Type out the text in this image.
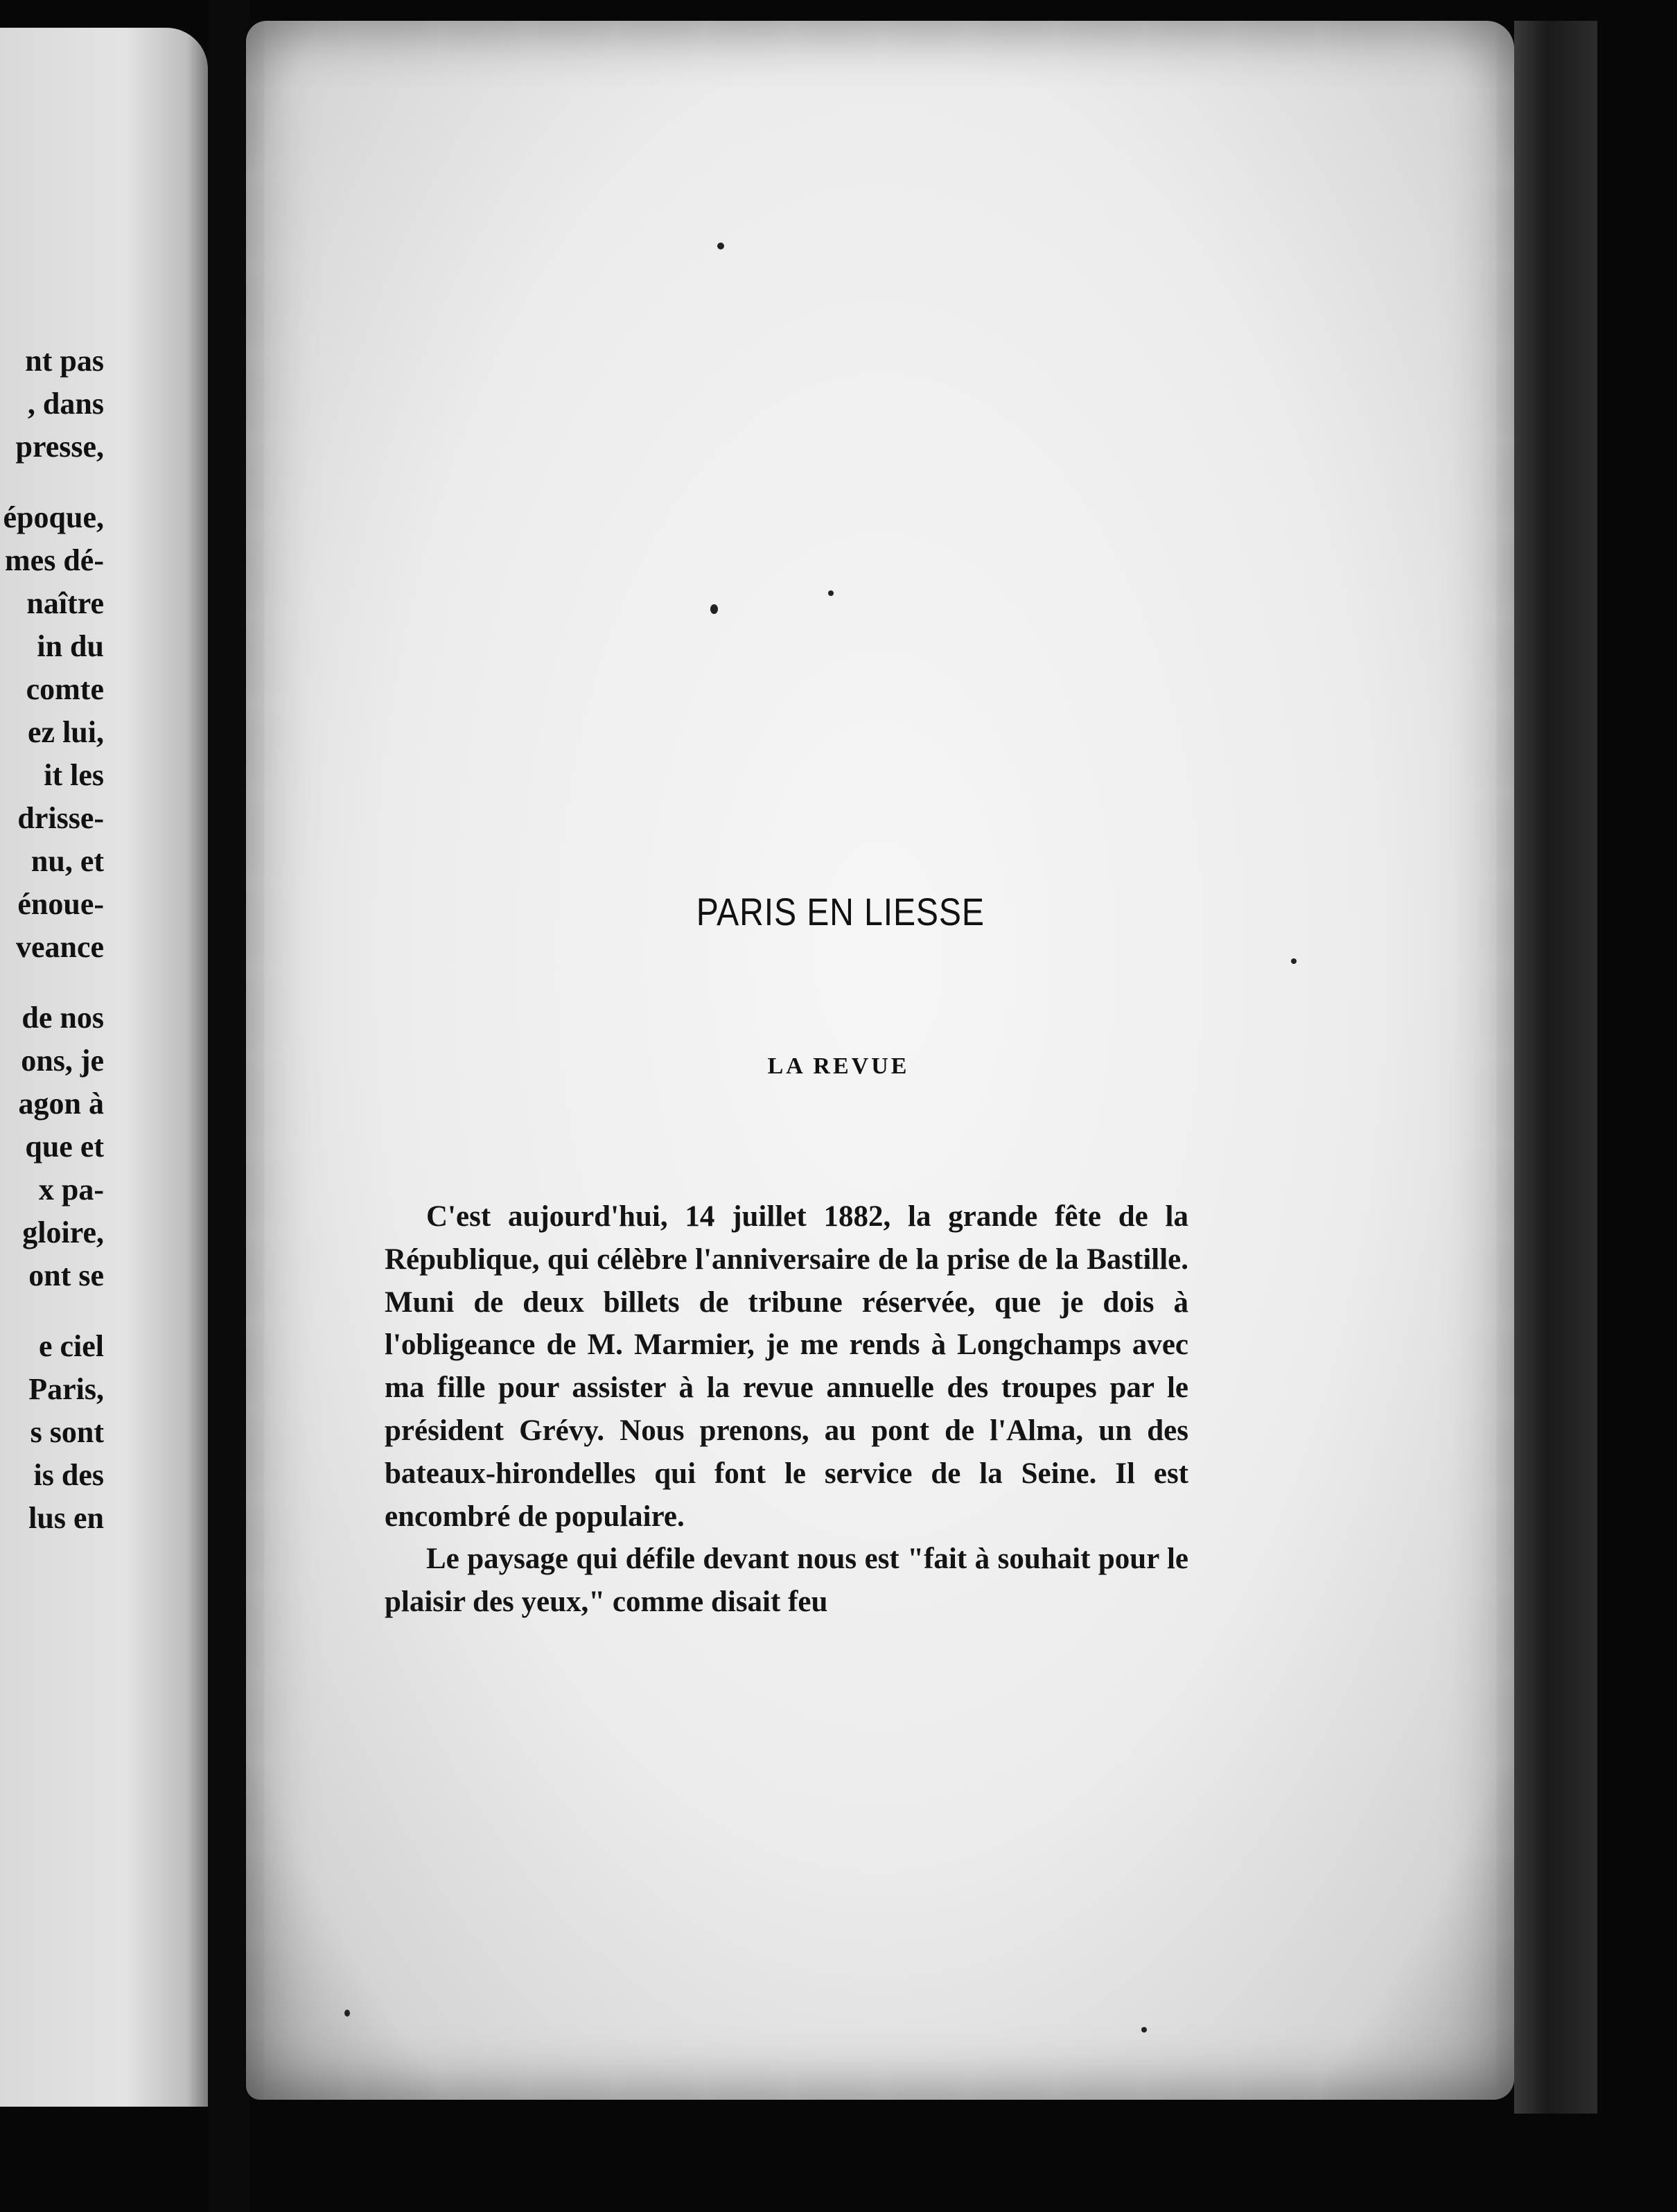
nt pas
, dans
presse,
époque,
mes dé-
naître
in du
comte
ez lui,
it les
drisse-
nu, et
énoue-
veance
de nos
ons, je
agon à
que et
x pa-
gloire,
ont se
e ciel
Paris,
s sont
is des
lus en
PARIS EN LIESSE
LA REVUE

C'est aujourd'hui, 14 juillet 1882, la grande fête de la République, qui célèbre l'anniversaire de la prise de la Bastille. Muni de deux billets de tribune réservée, que je dois à l'obligeance de M. Marmier, je me rends à Longchamps avec ma fille pour assister à la revue annuelle des troupes par le président Grévy. Nous prenons, au pont de l'Alma, un des bateaux-hirondelles qui font le service de la Seine. Il est encombré de populaire.

Le paysage qui défile devant nous est "fait à souhait pour le plaisir des yeux," comme disait feu
